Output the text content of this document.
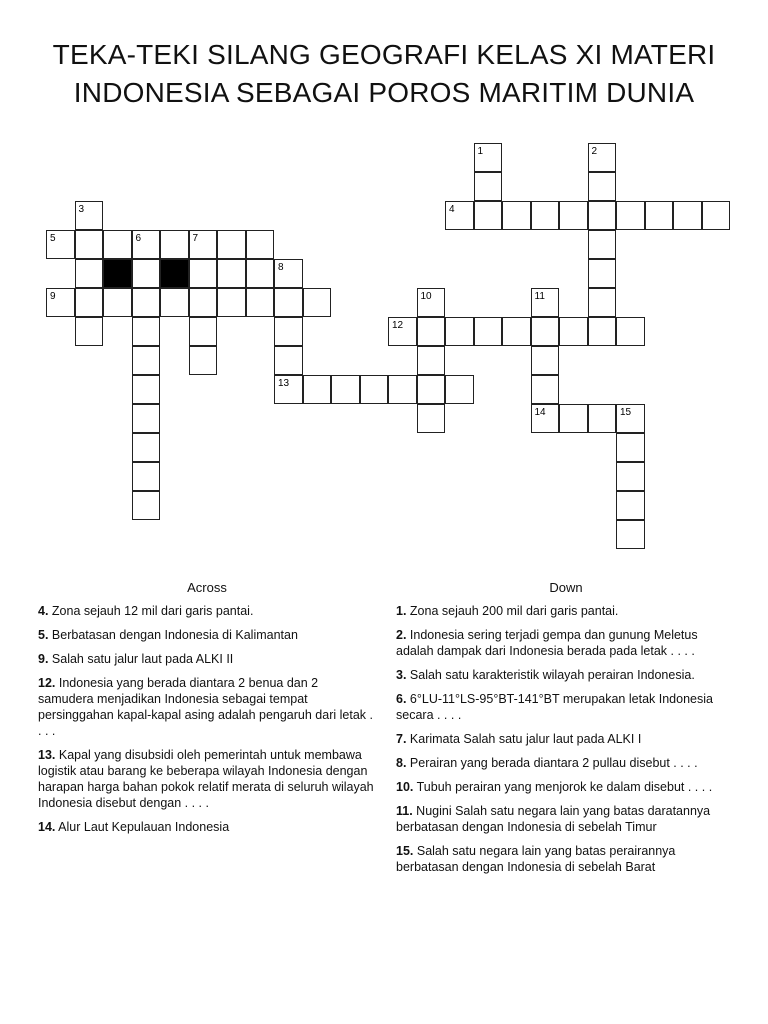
TEKA-TEKI SILANG GEOGRAFI KELAS XI MATERI
INDONESIA SEBAGAI POROS MARITIM DUNIA
1	2
3	4
5	6	7
8
9	10	11
12
13
14	15
Across
4. Zona sejauh 12 mil dari garis pantai.
5. Berbatasan dengan Indonesia di Kalimantan
9. Salah satu jalur laut pada ALKI II
12. Indonesia yang berada diantara 2 benua dan 2 samudera menjadikan Indonesia sebagai tempat persinggahan kapal-kapal asing adalah pengaruh dari letak . . . .
13. Kapal yang disubsidi oleh pemerintah untuk membawa logistik atau barang ke beberapa wilayah Indonesia dengan harapan harga bahan pokok relatif merata di seluruh wilayah Indonesia disebut dengan . . . .
14. Alur Laut Kepulauan Indonesia
Down
1. Zona sejauh 200 mil dari garis pantai.
2. Indonesia sering terjadi gempa dan gunung Meletus adalah dampak dari Indonesia berada pada letak . . . .
3. Salah satu karakteristik wilayah perairan Indonesia.
6. 6°LU-11°LS-95°BT-141°BT merupakan letak Indonesia secara . . . .
7. Karimata Salah satu jalur laut pada ALKI I
8. Perairan yang berada diantara 2 pullau disebut . . . .
10. Tubuh perairan yang menjorok ke dalam disebut . . . .
11. Nugini Salah satu negara lain yang batas daratannya berbatasan dengan Indonesia di sebelah Timur
15. Salah satu negara lain yang batas perairannya berbatasan dengan Indonesia di sebelah Barat
